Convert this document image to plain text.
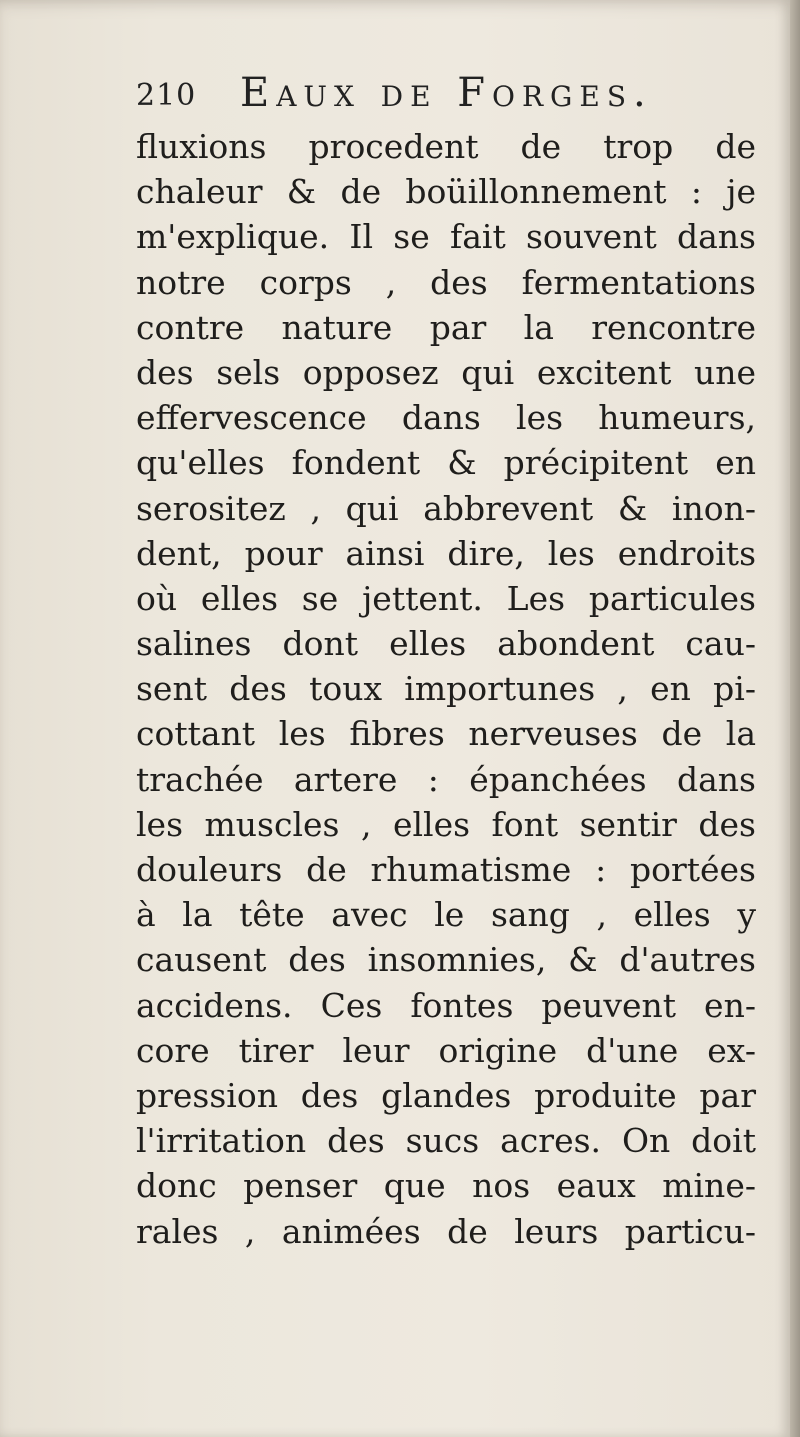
210 Eaux de Forges.
fluxions procedent de trop de
chaleur & de boüillonnement : je
m'explique. Il se fait souvent dans
notre corps , des fermentations
contre nature par la rencontre
des sels opposez qui excitent une
effervescence dans les humeurs,
qu'elles fondent & précipitent en
serositez , qui abbrevent & inon-
dent, pour ainsi dire, les endroits
où elles se jettent. Les particules
salines dont elles abondent cau-
sent des toux importunes , en pi-
cottant les fibres nerveuses de la
trachée artere : épanchées dans
les muscles , elles font sentir des
douleurs de rhumatisme : portées
à la tête avec le sang , elles y
causent des insomnies, & d'autres
accidens. Ces fontes peuvent en-
core tirer leur origine d'une ex-
pression des glandes produite par
l'irritation des sucs acres. On doit
donc penser que nos eaux mine-
rales , animées de leurs particu-
